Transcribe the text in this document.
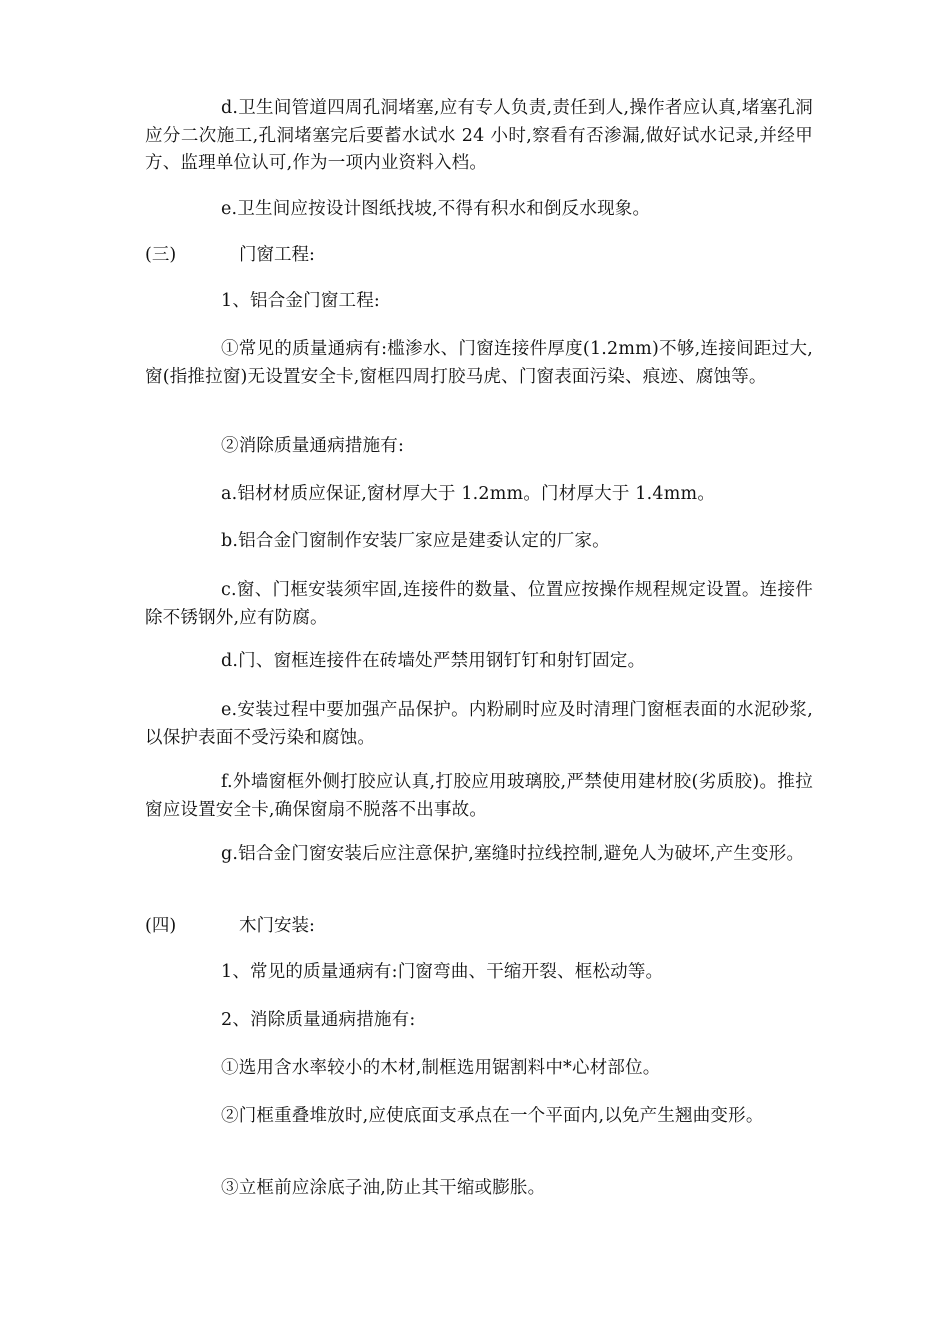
d.卫生间管道四周孔洞堵塞,应有专人负责,责任到人,操作者应认真,堵塞孔洞应分二次施工,孔洞堵塞完后要蓄水试水 24 小时,察看有否渗漏,做好试水记录,并经甲方、监理单位认可,作为一项内业资料入档。

e.卫生间应按设计图纸找坡,不得有积水和倒反水现象。

(三)	门窗工程:

1、铝合金门窗工程:

①常见的质量通病有:槛渗水、门窗连接件厚度(1.2mm)不够,连接间距过大,窗(指推拉窗)无设置安全卡,窗框四周打胶马虎、门窗表面污染、痕迹、腐蚀等。

②消除质量通病措施有:

a.铝材材质应保证,窗材厚大于 1.2mm。门材厚大于 1.4mm。

b.铝合金门窗制作安装厂家应是建委认定的厂家。

c.窗、门框安装须牢固,连接件的数量、位置应按操作规程规定设置。连接件除不锈钢外,应有防腐。

d.门、窗框连接件在砖墙处严禁用钢钉钉和射钉固定。

e.安装过程中要加强产品保护。内粉刷时应及时清理门窗框表面的水泥砂浆,以保护表面不受污染和腐蚀。

f.外墙窗框外侧打胶应认真,打胶应用玻璃胶,严禁使用建材胶(劣质胶)。推拉窗应设置安全卡,确保窗扇不脱落不出事故。

g.铝合金门窗安装后应注意保护,塞缝时拉线控制,避免人为破坏,产生变形。

(四)	木门安装:

1、常见的质量通病有:门窗弯曲、干缩开裂、框松动等。

2、消除质量通病措施有:

①选用含水率较小的木材,制框选用锯割料中*心材部位。

②门框重叠堆放时,应使底面支承点在一个平面内,以免产生翘曲变形。

③立框前应涂底子油,防止其干缩或膨胀。
